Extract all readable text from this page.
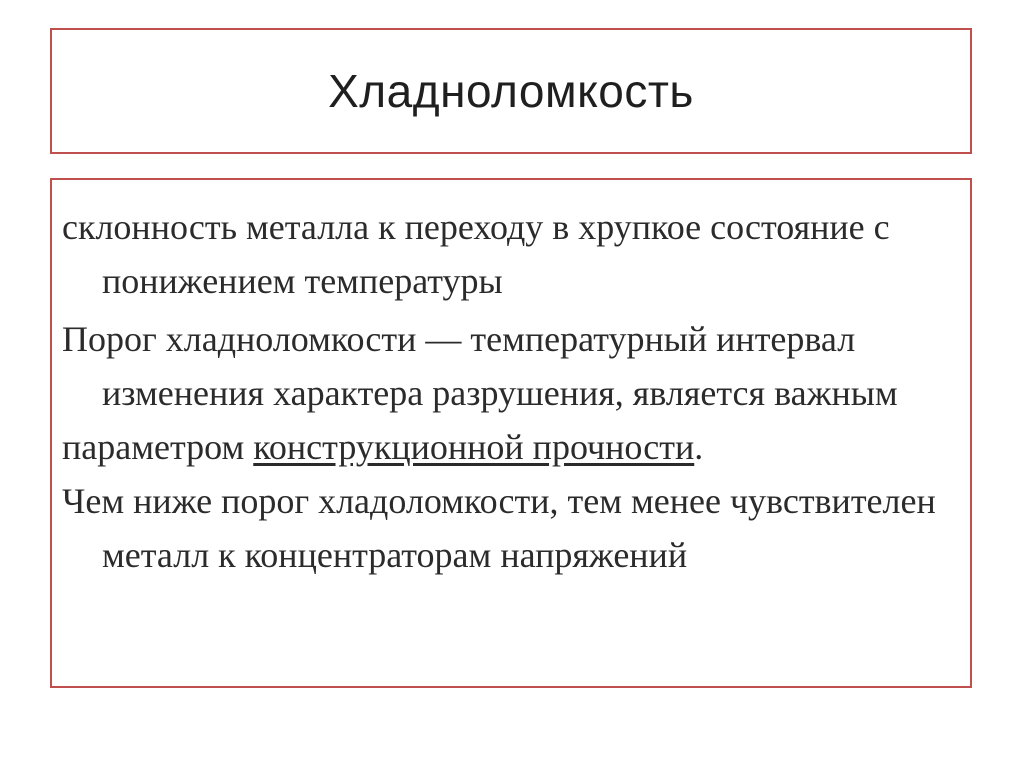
Хладноломкость

склонность металла к переходу в хрупкое состояние с понижением температуры

Порог хладноломкости — температурный интервал изменения характера разрушения, является важным
параметром конструкционной прочности.
Чем ниже порог хладоломкости, тем менее чувствителен металл к концентраторам напряжений
